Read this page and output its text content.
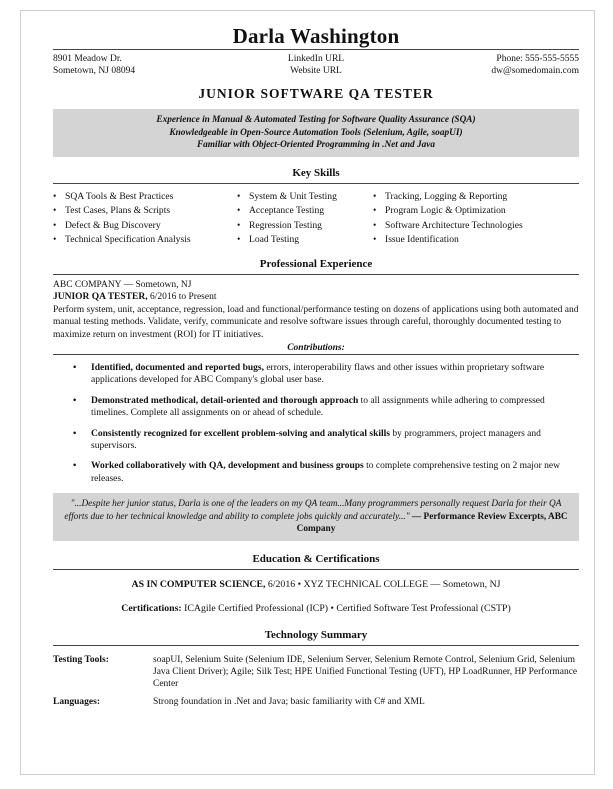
Darla Washington
8901 Meadow Dr.
Sometown, NJ 08094
LinkedIn URL
Website URL
Phone: 555-555-5555
dw@somedomain.com
JUNIOR SOFTWARE QA TESTER
Experience in Manual & Automated Testing for Software Quality Assurance (SQA)
Knowledgeable in Open-Source Automation Tools (Selenium, Agile, soapUI)
Familiar with Object-Oriented Programming in .Net and Java
Key Skills
• SQA Tools & Best Practices
• Test Cases, Plans & Scripts
• Defect & Bug Discovery
• Technical Specification Analysis
• System & Unit Testing
• Acceptance Testing
• Regression Testing
• Load Testing
• Tracking, Logging & Reporting
• Program Logic & Optimization
• Software Architecture Technologies
• Issue Identification
Professional Experience
ABC COMPANY — Sometown, NJ
JUNIOR QA TESTER, 6/2016 to Present
Perform system, unit, acceptance, regression, load and functional/performance testing on dozens of applications using both automated and manual testing methods. Validate, verify, communicate and resolve software issues through careful, thoroughly documented testing to maximize return on investment (ROI) for IT initiatives.
Contributions:
• Identified, documented and reported bugs, errors, interoperability flaws and other issues within proprietary software applications developed for ABC Company's global user base.
• Demonstrated methodical, detail-oriented and thorough approach to all assignments while adhering to compressed timelines. Complete all assignments on or ahead of schedule.
• Consistently recognized for excellent problem-solving and analytical skills by programmers, project managers and supervisors.
• Worked collaboratively with QA, development and business groups to complete comprehensive testing on 2 major new releases.
"...Despite her junior status, Darla is one of the leaders on my QA team...Many programmers personally request Darla for their QA efforts due to her technical knowledge and ability to complete jobs quickly and accurately..." — Performance Review Excerpts, ABC Company
Education & Certifications
AS IN COMPUTER SCIENCE, 6/2016 • XYZ TECHNICAL COLLEGE — Sometown, NJ
Certifications: ICAgile Certified Professional (ICP) • Certified Software Test Professional (CSTP)
Technology Summary
Testing Tools:	soapUI, Selenium Suite (Selenium IDE, Selenium Server, Selenium Remote Control, Selenium Grid, Selenium Java Client Driver); Agile; Silk Test; HPE Unified Functional Testing (UFT), HP LoadRunner, HP Performance Center
Languages:	Strong foundation in .Net and Java; basic familiarity with C# and XML
